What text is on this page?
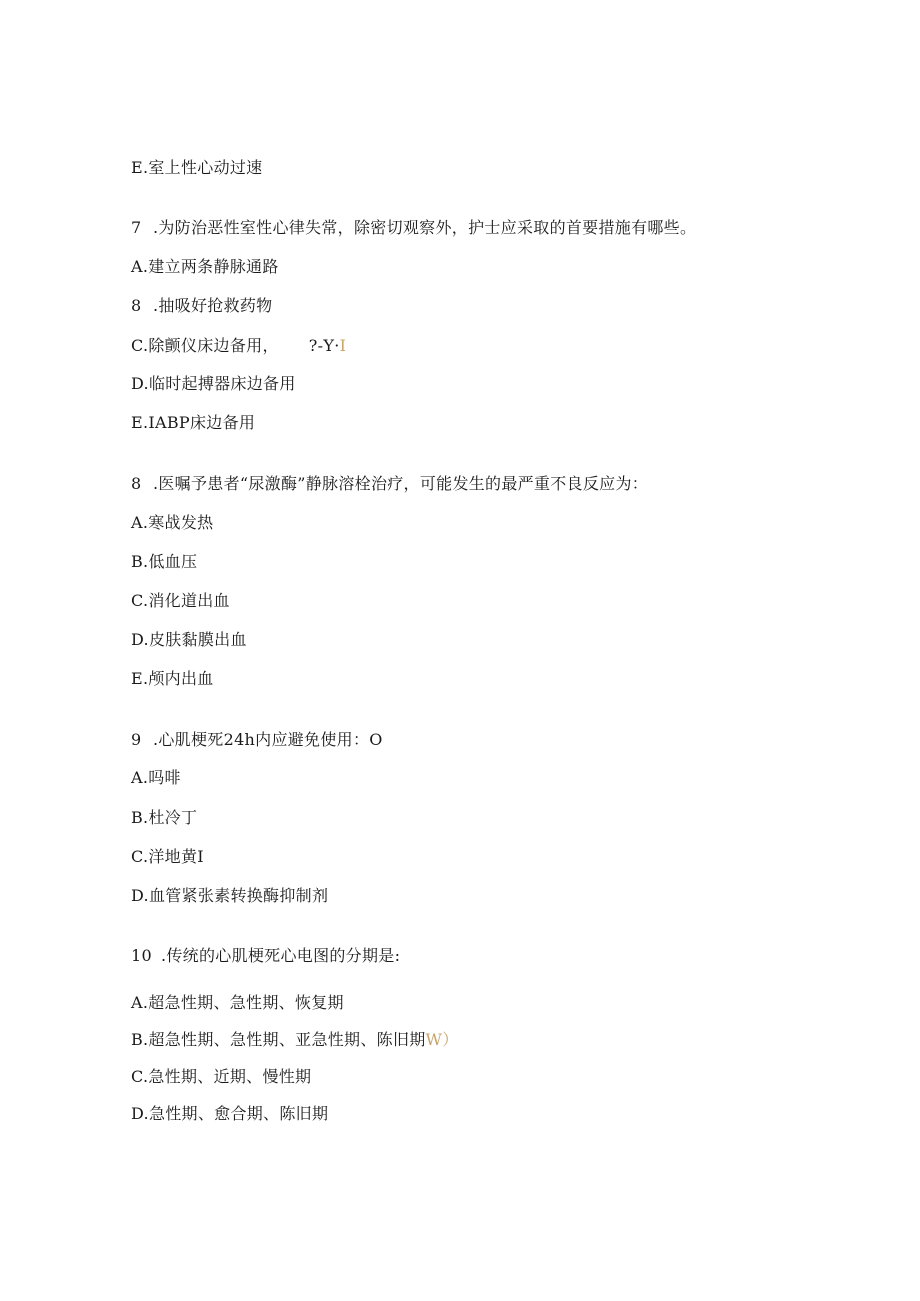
E.室上性心动过速
7 .为防治恶性室性心律失常，除密切观察外，护士应采取的首要措施有哪些。
A.建立两条静脉通路
8 .抽吸好抢救药物
C.除颤仪床边备用， ?-Y·I
D.临时起搏器床边备用
E.IABP床边备用
8 .医嘱予患者“尿激酶”静脉溶栓治疗，可能发生的最严重不良反应为：
A.寒战发热
B.低血压
C.消化道出血
D.皮肤黏膜出血
E.颅内出血
9 .心肌梗死24h内应避免使用：O
A.吗啡
B.杜冷丁
C.洋地黄I
D.血管紧张素转换酶抑制剂
10 .传统的心肌梗死心电图的分期是:
A.超急性期、急性期、恢复期
B.超急性期、急性期、亚急性期、陈旧期W）
C.急性期、近期、慢性期
D.急性期、愈合期、陈旧期
